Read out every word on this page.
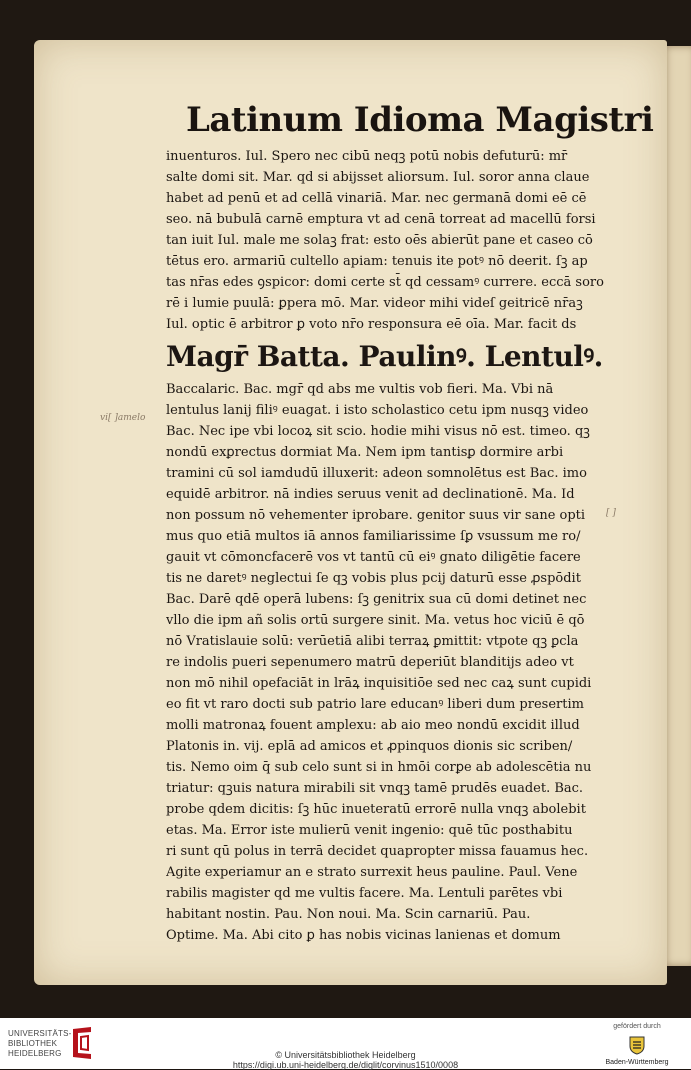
Latinum Idioma Magistri
inuenturos. Iul. Spero nec cibū neqꝫ potū nobis defuturū: mr̄
salte domi sit. Mar. qd si abijsset aliorsum. Iul. soror anna claue
habet ad penū et ad cellā vinariā. Mar. nec germanā domi eē cē
seo. nā bubulā carnē emptura vt ad cenā torreat ad macellū forsi
tan iuit Iul. male me solaꝫ frat: esto oēs abierūt pane et caseo cō
tētus ero. armariū cultello apiam: tenuis ite potꝰ nō deerit. ſꝫ ap
tas nr̄as edes ꝯspicor: domi certe st̄ qd cessamꝰ currere. eccā soro
rē i lumie puulā: ꝑpera mō. Mar. videor mihi videſ geitricē nr̄aꝫ
Iul. optic ē arbitror ꝑ voto nr̄o responsura eē oīa. Mar. facit ds
Magr̄ Batta. Paulinꝰ. Lentulꝰ.
Baccalaric. Bac. mgr̄ qd abs me vultis vob fieri. Ma. Vbi nā
lentulus lanij filiꝰ euagat. i isto scholastico cetu ipm nusqꝫ video
Bac. Nec ipe vbi locoꝝ sit scio. hodie mihi visus nō est. timeo. qꝫ
nondū exꝑrectus dormiat Ma. Nem ipm tantisꝑ dormire arbi
tramini cū sol iamdudū illuxerit: adeon somnolētus est Bac. imo
equidē arbitror. nā indies seruus venit ad declinationē. Ma. Id
non possum nō vehementer iprobare. genitor suus vir sane opti
mus quo etiā multos iā annos familiarissime ſꝑ vsussum me ro/
gauit vt cōmoncfacerē vos vt tantū cū eiꝰ gnato diligētie facere
tis ne daretꝰ neglectui ſe qꝫ vobis plus pcij daturū esse ꝓspōdit
Bac. Darē qdē operā lubens: ſꝫ genitrix sua cū domi detinet nec
vllo die ipm añ solis ortū surgere sinit. Ma. vetus hoc viciū ē qō
nō Vratislauie solū: verūetiā alibi terraꝝ ꝑmittit: vtpote qꝫ ꝑcla
re indolis pueri sepenumero matrū deperiūt blanditijs adeo vt
non mō nihil opefaciāt in lrāꝝ inquisitiōe sed nec caꝝ sunt cupidi
eo fit vt raro docti sub patrio lare educanꝰ liberi dum presertim
molli matronaꝝ fouent amplexu: ab aio meo nondū excidit illud
Platonis in. vij. eplā ad amicos et ꝓpinquos dionis sic scriben/
tis. Nemo oim q̄ sub celo sunt si in hmōi corꝑe ab adolescētia nu
triatur: qꝫuis natura mirabili sit vnqꝫ tamē prudēs euadet. Bac.
probe qdem dicitis: ſꝫ hūc inueteratū errorē nulla vnqꝫ abolebit
etas. Ma. Error iste mulierū venit ingenio: quē tūc posthabitu
ri sunt qū polus in terrā decidet quapropter missa fauamus hec.
Agite experiamur an e strato surrexit heus pauline. Paul. Vene
rabilis magister qd me vultis facere. Ma. Lentuli parētes vbi
habitant nostin. Pau. Non noui. Ma. Scin carnariū. Pau.
Optime. Ma. Abi cito ꝑ has nobis vicinas lanienas et domum
vi[ ]amelo
[ ]
UNIVERSITÄTS-
BIBLIOTHEK
HEIDELBERG	© Universitätsbibliothek Heidelberg
https://digi.ub.uni-heidelberg.de/diglit/corvinus1510/0008
gefördert durch
Baden-Württemberg
